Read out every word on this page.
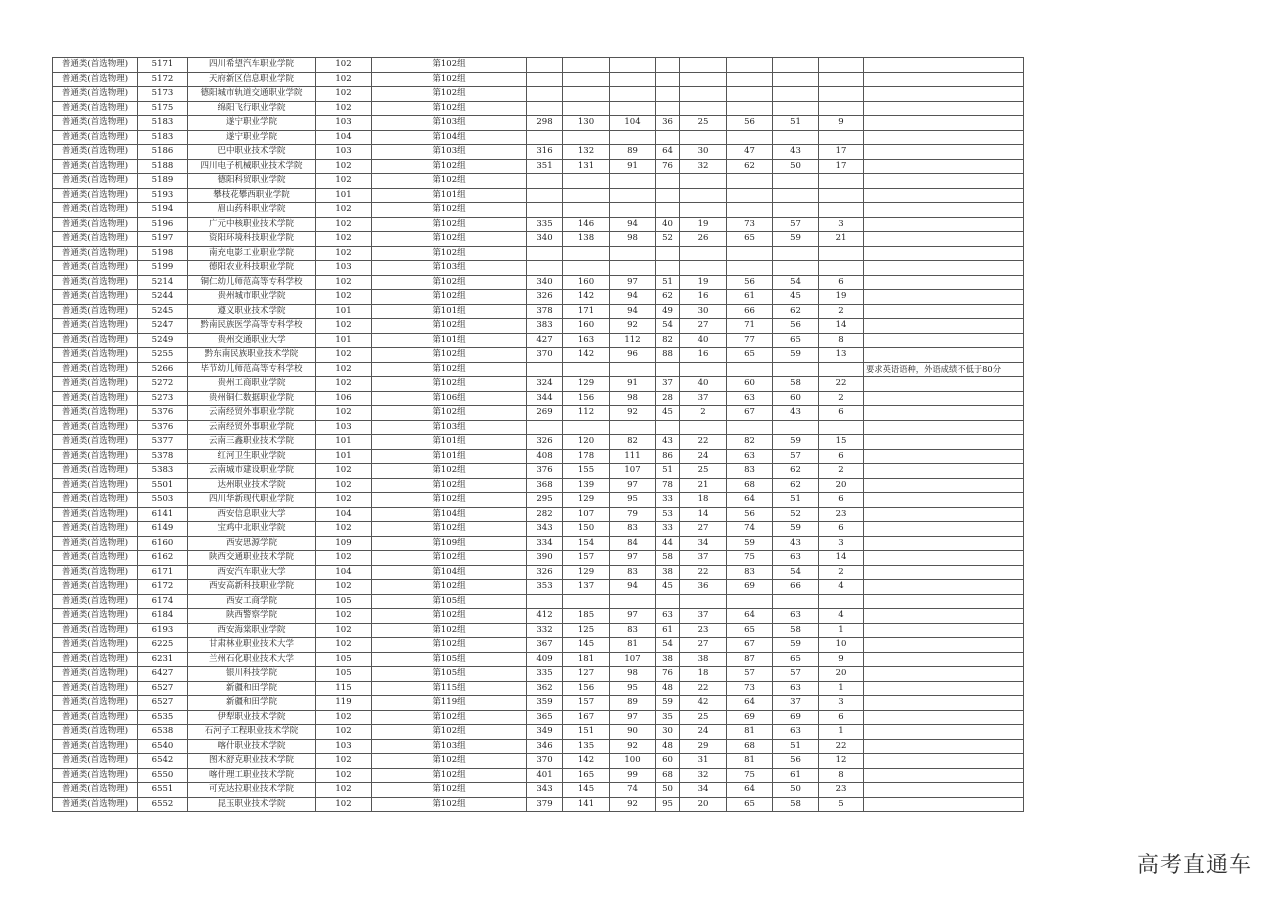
普通类(首选物理)	5171	四川希望汽车职业学院	102	第102组									
普通类(首选物理)	5172	天府新区信息职业学院	102	第102组									
普通类(首选物理)	5173	德阳城市轨道交通职业学院	102	第102组									
普通类(首选物理)	5175	绵阳飞行职业学院	102	第102组									
普通类(首选物理)	5183	遂宁职业学院	103	第103组	298	130	104	36	25	56	51	9	
普通类(首选物理)	5183	遂宁职业学院	104	第104组									
普通类(首选物理)	5186	巴中职业技术学院	103	第103组	316	132	89	64	30	47	43	17	
普通类(首选物理)	5188	四川电子机械职业技术学院	102	第102组	351	131	91	76	32	62	50	17	
普通类(首选物理)	5189	德阳科贸职业学院	102	第102组									
普通类(首选物理)	5193	攀枝花攀西职业学院	101	第101组									
普通类(首选物理)	5194	眉山药科职业学院	102	第102组									
普通类(首选物理)	5196	广元中核职业技术学院	102	第102组	335	146	94	40	19	73	57	3	
普通类(首选物理)	5197	资阳环境科技职业学院	102	第102组	340	138	98	52	26	65	59	21	
普通类(首选物理)	5198	南充电影工业职业学院	102	第102组									
普通类(首选物理)	5199	德阳农业科技职业学院	103	第103组									
普通类(首选物理)	5214	铜仁幼儿师范高等专科学校	102	第102组	340	160	97	51	19	56	54	6	
普通类(首选物理)	5244	贵州城市职业学院	102	第102组	326	142	94	62	16	61	45	19	
普通类(首选物理)	5245	遵义职业技术学院	101	第101组	378	171	94	49	30	66	62	2	
普通类(首选物理)	5247	黔南民族医学高等专科学校	102	第102组	383	160	92	54	27	71	56	14	
普通类(首选物理)	5249	贵州交通职业大学	101	第101组	427	163	112	82	40	77	65	8	
普通类(首选物理)	5255	黔东南民族职业技术学院	102	第102组	370	142	96	88	16	65	59	13	
普通类(首选物理)	5266	毕节幼儿师范高等专科学校	102	第102组									要求英语语种，外语成绩不低于80分
普通类(首选物理)	5272	贵州工商职业学院	102	第102组	324	129	91	37	40	60	58	22	
普通类(首选物理)	5273	贵州铜仁数据职业学院	106	第106组	344	156	98	28	37	63	60	2	
普通类(首选物理)	5376	云南经贸外事职业学院	102	第102组	269	112	92	45	2	67	43	6	
普通类(首选物理)	5376	云南经贸外事职业学院	103	第103组									
普通类(首选物理)	5377	云南三鑫职业技术学院	101	第101组	326	120	82	43	22	82	59	15	
普通类(首选物理)	5378	红河卫生职业学院	101	第101组	408	178	111	86	24	63	57	6	
普通类(首选物理)	5383	云南城市建设职业学院	102	第102组	376	155	107	51	25	83	62	2	
普通类(首选物理)	5501	达州职业技术学院	102	第102组	368	139	97	78	21	68	62	20	
普通类(首选物理)	5503	四川华新现代职业学院	102	第102组	295	129	95	33	18	64	51	6	
普通类(首选物理)	6141	西安信息职业大学	104	第104组	282	107	79	53	14	56	52	23	
普通类(首选物理)	6149	宝鸡中北职业学院	102	第102组	343	150	83	33	27	74	59	6	
普通类(首选物理)	6160	西安思源学院	109	第109组	334	154	84	44	34	59	43	3	
普通类(首选物理)	6162	陕西交通职业技术学院	102	第102组	390	157	97	58	37	75	63	14	
普通类(首选物理)	6171	西安汽车职业大学	104	第104组	326	129	83	38	22	83	54	2	
普通类(首选物理)	6172	西安高新科技职业学院	102	第102组	353	137	94	45	36	69	66	4	
普通类(首选物理)	6174	西安工商学院	105	第105组									
普通类(首选物理)	6184	陕西警察学院	102	第102组	412	185	97	63	37	64	63	4	
普通类(首选物理)	6193	西安海棠职业学院	102	第102组	332	125	83	61	23	65	58	1	
普通类(首选物理)	6225	甘肃林业职业技术大学	102	第102组	367	145	81	54	27	67	59	10	
普通类(首选物理)	6231	兰州石化职业技术大学	105	第105组	409	181	107	38	38	87	65	9	
普通类(首选物理)	6427	银川科技学院	105	第105组	335	127	98	76	18	57	57	20	
普通类(首选物理)	6527	新疆和田学院	115	第115组	362	156	95	48	22	73	63	1	
普通类(首选物理)	6527	新疆和田学院	119	第119组	359	157	89	59	42	64	37	3	
普通类(首选物理)	6535	伊犁职业技术学院	102	第102组	365	167	97	35	25	69	69	6	
普通类(首选物理)	6538	石河子工程职业技术学院	102	第102组	349	151	90	30	24	81	63	1	
普通类(首选物理)	6540	喀什职业技术学院	103	第103组	346	135	92	48	29	68	51	22	
普通类(首选物理)	6542	图木舒克职业技术学院	102	第102组	370	142	100	60	31	81	56	12	
普通类(首选物理)	6550	喀什理工职业技术学院	102	第102组	401	165	99	68	32	75	61	8	
普通类(首选物理)	6551	可克达拉职业技术学院	102	第102组	343	145	74	50	34	64	50	23	
普通类(首选物理)	6552	昆玉职业技术学院	102	第102组	379	141	92	95	20	65	58	5	
高考直通车
